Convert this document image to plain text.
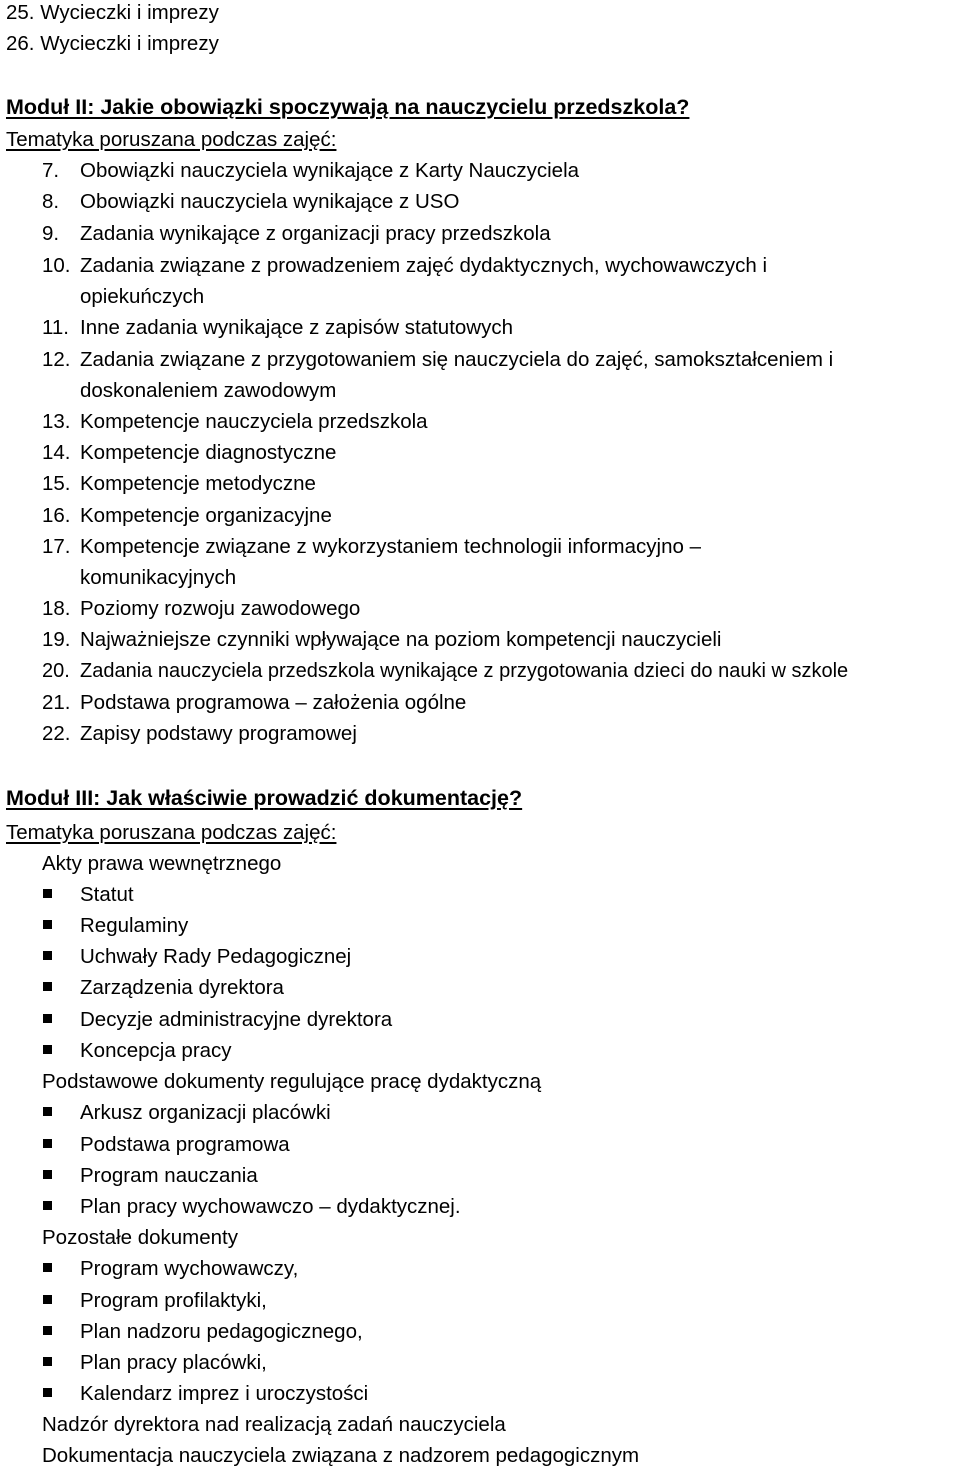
25. Wycieczki i imprezy
26. Wycieczki i imprezy
Moduł II: Jakie obowiązki spoczywają na nauczycielu przedszkola?
Tematyka poruszana podczas zajęć:
7. Obowiązki nauczyciela wynikające z Karty Nauczyciela
8. Obowiązki nauczyciela wynikające z USO
9. Zadania wynikające z organizacji pracy przedszkola
10. Zadania związane z prowadzeniem zajęć dydaktycznych, wychowawczych i
opiekuńczych
11. Inne zadania wynikające z zapisów statutowych
12. Zadania związane z przygotowaniem się nauczyciela do zajęć, samokształceniem i
doskonaleniem zawodowym
13. Kompetencje nauczyciela przedszkola
14. Kompetencje diagnostyczne
15. Kompetencje metodyczne
16. Kompetencje organizacyjne
17. Kompetencje związane z wykorzystaniem technologii informacyjno –
komunikacyjnych
18. Poziomy rozwoju zawodowego
19. Najważniejsze czynniki wpływające na poziom kompetencji nauczycieli
20. Zadania nauczyciela przedszkola wynikające z przygotowania dzieci do nauki w szkole
21. Podstawa programowa – założenia ogólne
22. Zapisy podstawy programowej
Moduł III: Jak właściwie prowadzić dokumentację?
Tematyka poruszana podczas zajęć:
Akty prawa wewnętrznego
Statut
Regulaminy
Uchwały Rady Pedagogicznej
Zarządzenia dyrektora
Decyzje administracyjne dyrektora
Koncepcja pracy
Podstawowe dokumenty regulujące pracę dydaktyczną
Arkusz organizacji placówki
Podstawa programowa
Program nauczania
Plan pracy wychowawczo – dydaktycznej.
Pozostałe dokumenty
Program wychowawczy,
Program profilaktyki,
Plan nadzoru pedagogicznego,
Plan pracy placówki,
Kalendarz imprez i uroczystości
Nadzór dyrektora nad realizacją zadań nauczyciela
Dokumentacja nauczyciela związana z nadzorem pedagogicznym
